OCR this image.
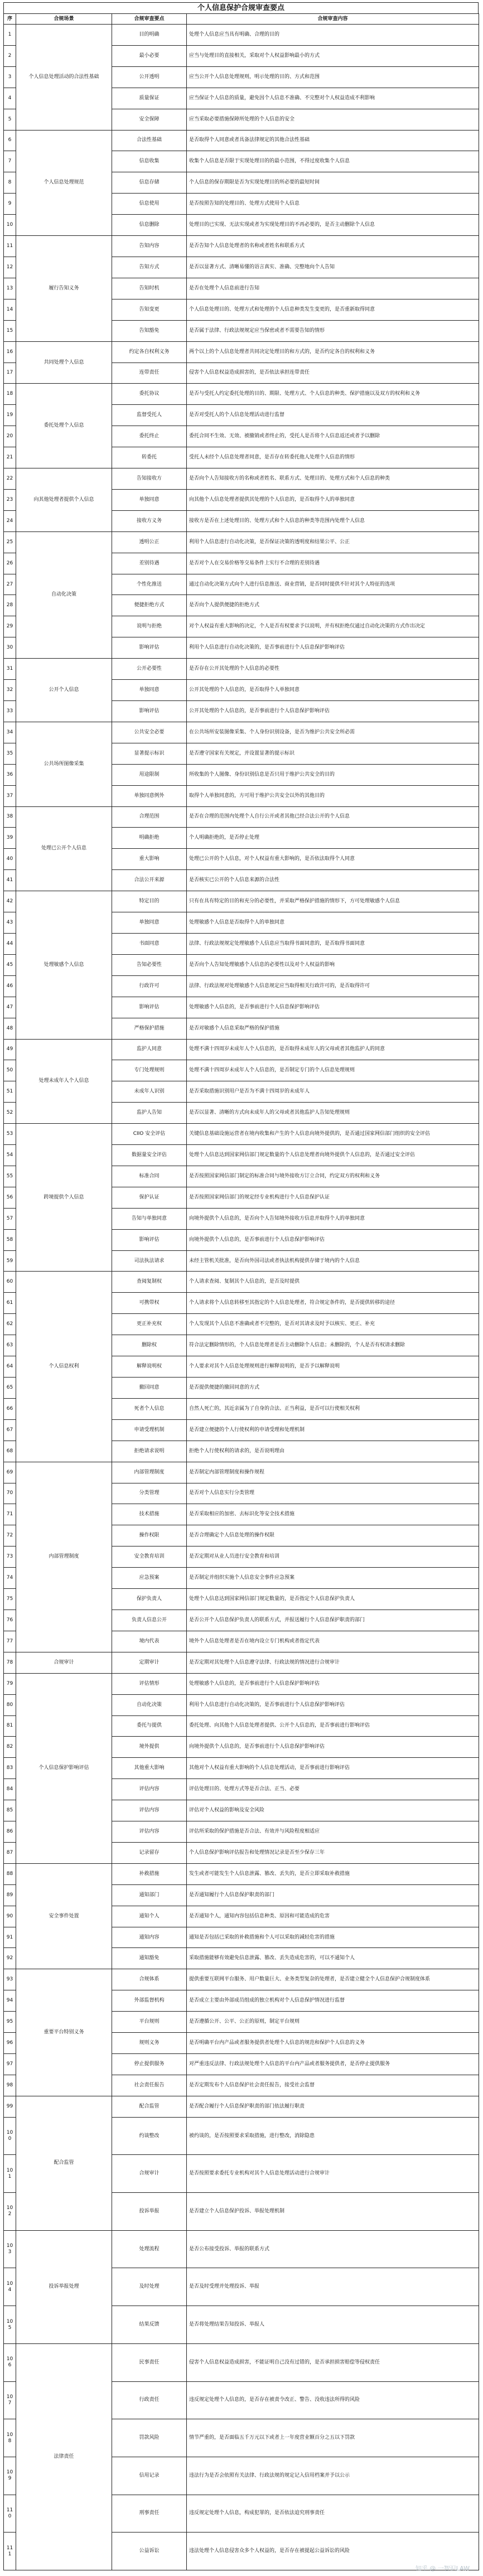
个人信息保护合规审查要点
序	合规场景	合规审查要点	合规审查内容
1	个人信息处理活动的合法性基础	目的明确	处理个人信息应当具有明确、合理的目的
2		最小必要	应当与处理目的直接相关，采取对个人权益影响最小的方式
3		公开透明	应当公开个人信息处理规则，明示处理的目的、方式和范围
4		质量保证	应当保证个人信息的质量，避免因个人信息不准确、不完整对个人权益造成不利影响
5		安全保障	应当采取必要措施保障所处理的个人信息的安全
6	个人信息处理规范	合法性基础	是否取得个人同意或者具备法律规定的其他合法性基础
7		信息收集	收集个人信息是否限于实现处理目的的最小范围，不得过度收集个人信息
8		信息存储	个人信息的保存期限是否为实现处理目的所必要的最短时间
9		信息使用	是否按照告知的处理目的、处理方式使用个人信息
10		信息删除	处理目的已实现、无法实现或者为实现处理目的不再必要的，是否主动删除个人信息
11	履行告知义务	告知内容	是否告知个人信息处理者的名称或者姓名和联系方式
12		告知方式	是否以显著方式、清晰易懂的语言真实、准确、完整地向个人告知
13		告知时机	是否在处理个人信息前进行告知
14		告知变更	个人信息处理目的、处理方式和处理的个人信息种类发生变更的，是否重新取得同意
15		告知豁免	是否属于法律、行政法规规定应当保密或者不需要告知的情形
16	共同处理个人信息	约定各自权利义务	两个以上的个人信息处理者共同决定处理目的和方式的，是否约定各自的权利和义务
17		连带责任	侵害个人信息权益造成损害的，是否依法承担连带责任
18	委托处理个人信息	委托协议	是否与受托人约定委托处理的目的、期限、处理方式、个人信息的种类、保护措施以及双方的权利和义务
19		监督受托人	是否对受托人的个人信息处理活动进行监督
20		委托终止	委托合同不生效、无效、被撤销或者终止的，受托人是否将个人信息返还或者予以删除
21		转委托	受托人未经个人信息处理者同意，是否存在转委托他人处理个人信息的情形
22	向其他处理者提供个人信息	告知接收方	是否向个人告知接收方的名称或者姓名、联系方式、处理目的、处理方式和个人信息的种类
23		单独同意	向其他个人信息处理者提供其处理的个人信息的，是否取得个人的单独同意
24		接收方义务	接收方是否在上述处理目的、处理方式和个人信息的种类等范围内处理个人信息
25	自动化决策	透明公正	利用个人信息进行自动化决策，是否保证决策的透明度和结果公平、公正
26		差别待遇	是否对个人在交易价格等交易条件上实行不合理的差别待遇
27		个性化推送	通过自动化决策方式向个人进行信息推送、商业营销，是否同时提供不针对其个人特征的选项
28		便捷拒绝方式	是否向个人提供便捷的拒绝方式
29		说明与拒绝	对个人权益有重大影响的决定，个人是否有权要求予以说明，并有权拒绝仅通过自动化决策的方式作出决定
30		影响评估	利用个人信息进行自动化决策的，是否事前进行个人信息保护影响评估
31	公开个人信息	公开必要性	是否存在公开其处理的个人信息的必要性
32		单独同意	公开其处理的个人信息的，是否取得个人单独同意
33		影响评估	公开其处理的个人信息的，是否事前进行个人信息保护影响评估
34	公共场所图像采集	公共安全必要	在公共场所安装图像采集、个人身份识别设备，是否为维护公共安全所必需
35		显著提示标识	是否遵守国家有关规定，并设置显著的提示标识
36		用途限制	所收集的个人图像、身份识别信息是否只用于维护公共安全的目的
37		单独同意例外	取得个人单独同意的，方可用于维护公共安全以外的其他目的
38	处理已公开个人信息	合理范围	是否在合理的范围内处理个人自行公开或者其他已经合法公开的个人信息
39		明确拒绝	个人明确拒绝的，是否停止处理
40		重大影响	处理已公开的个人信息，对个人权益有重大影响的，是否依法取得个人同意
41		合法公开来源	是否核实已公开的个人信息来源的合法性
42	处理敏感个人信息	特定目的	只有在具有特定的目的和充分的必要性，并采取严格保护措施的情形下，方可处理敏感个人信息
43		单独同意	处理敏感个人信息是否取得个人的单独同意
44		书面同意	法律、行政法规规定处理敏感个人信息应当取得书面同意的，是否取得书面同意
45		告知必要性	是否向个人告知处理敏感个人信息的必要性以及对个人权益的影响
46		行政许可	法律、行政法规对处理敏感个人信息规定应当取得相关行政许可的，是否取得许可
47		影响评估	处理敏感个人信息的，是否事前进行个人信息保护影响评估
48		严格保护措施	是否对敏感个人信息采取严格的保护措施
49	处理未成年人个人信息	监护人同意	处理不满十四周岁未成年人个人信息的，是否取得未成年人的父母或者其他监护人的同意
50		专门处理规则	处理不满十四周岁未成年人个人信息的，是否制定专门的个人信息处理规则
51		未成年人识别	是否采取措施识别用户是否为不满十四周岁的未成年人
52		监护人告知	是否以显著、清晰的方式向未成年人的父母或者其他监护人告知处理规则
53	跨境提供个人信息	CIIO 安全评估	关键信息基础设施运营者在境内收集和产生的个人信息向境外提供的，是否通过国家网信部门组织的安全评估
54		数据量安全评估	处理个人信息达到国家网信部门规定数量的个人信息处理者向境外提供个人信息的，是否通过安全评估
55		标准合同	是否按照国家网信部门制定的标准合同与境外接收方订立合同，约定双方的权利和义务
56		保护认证	是否按照国家网信部门的规定经专业机构进行个人信息保护认证
57		告知与单独同意	向境外提供个人信息的，是否向个人告知境外接收方信息并取得个人的单独同意
58		影响评估	向境外提供个人信息的，是否事前进行个人信息保护影响评估
59		司法执法请求	未经主管机关批准，是否向外国司法或者执法机构提供存储于境内的个人信息
60	个人信息权利	查阅复制权	个人请求查阅、复制其个人信息的，是否及时提供
61		可携带权	个人请求将个人信息转移至其指定的个人信息处理者，符合规定条件的，是否提供转移的途径
62		更正补充权	个人发现其个人信息不准确或者不完整的，是否对其请求及时予以核实、更正、补充
63		删除权	符合法定删除情形的，个人信息处理者是否主动删除个人信息；未删除的，个人是否有权请求删除
64		解释说明权	个人要求对其个人信息处理规则进行解释说明的，是否予以解释说明
65		撤回同意	是否提供便捷的撤回同意的方式
66		死者个人信息	自然人死亡的，其近亲属为了自身的合法、正当利益，是否可以行使相关权利
67		申请受理机制	是否建立便捷的个人行使权利的申请受理和处理机制
68		拒绝请求说明	拒绝个人行使权利的请求的，是否说明理由
69	内部管理制度	内部管理制度	是否制定内部管理制度和操作规程
70		分类管理	是否对个人信息实行分类管理
71		技术措施	是否采取相应的加密、去标识化等安全技术措施
72		操作权限	是否合理确定个人信息处理的操作权限
73		安全教育培训	是否定期对从业人员进行安全教育和培训
74		应急预案	是否制定并组织实施个人信息安全事件应急预案
75		保护负责人	处理个人信息达到国家网信部门规定数量的，是否指定个人信息保护负责人
76		负责人信息公开	是否公开个人信息保护负责人的联系方式，并报送履行个人信息保护职责的部门
77		境内代表	境外个人信息处理者是否在境内设立专门机构或者指定代表
78	合规审计	定期审计	是否定期对其处理个人信息遵守法律、行政法规的情况进行合规审计
79	个人信息保护影响评估	评估情形	处理敏感个人信息的，是否事前进行个人信息保护影响评估
80		自动化决策	利用个人信息进行自动化决策的，是否事前进行个人信息保护影响评估
81		委托与提供	委托处理、向其他个人信息处理者提供、公开个人信息的，是否事前进行影响评估
82		境外提供	向境外提供个人信息的，是否事前进行个人信息保护影响评估
83		其他重大影响	其他对个人权益有重大影响的个人信息处理活动，是否事前进行影响评估
84		评估内容	评估处理目的、处理方式等是否合法、正当、必要
85		评估内容	评估对个人权益的影响及安全风险
86		评估内容	评估所采取的保护措施是否合法、有效并与风险程度相适应
87		记录留存	个人信息保护影响评估报告和处理情况记录是否至少保存三年
88	安全事件处置	补救措施	发生或者可能发生个人信息泄露、篡改、丢失的，是否立即采取补救措施
89		通知部门	是否通知履行个人信息保护职责的部门
90		通知个人	是否通知个人，通知内容包括信息种类、原因和可能造成的危害
91		通知内容	通知是否包括已采取的补救措施和个人可以采取的减轻危害的措施
92		通知豁免	采取措施能够有效避免信息泄露、篡改、丢失造成危害的，可以不通知个人
93	重要平台特别义务	合规体系	提供重要互联网平台服务、用户数量巨大、业务类型复杂的处理者，是否建立健全个人信息保护合规制度体系
94		外部监督机构	是否成立主要由外部成员组成的独立机构对个人信息保护情况进行监督
95		平台规则	是否遵循公开、公平、公正的原则，制定平台规则
96		规则义务	是否明确平台内产品或者服务提供者处理个人信息的规范和保护个人信息的义务
97		停止提供服务	对严重违反法律、行政法规处理个人信息的平台内产品或者服务提供者，是否停止提供服务
98		社会责任报告	是否定期发布个人信息保护社会责任报告，接受社会监督
99	配合监管	配合监管	是否配合履行个人信息保护职责的部门依法履行职责
100		约谈整改	被约谈的，是否按照要求采取措施，进行整改，消除隐患
101		合规审计	是否按照要求委托专业机构对其个人信息处理活动进行合规审计
102		投诉举报	是否建立个人信息保护投诉、举报处理机制
103	投诉举报处理	处理流程	是否公布接受投诉、举报的联系方式
104		及时处理	是否及时受理并处理投诉、举报
105		结果反馈	是否将处理结果告知投诉、举报人
106	法律责任	民事责任	侵害个人信息权益造成损害，不能证明自己没有过错的，是否承担损害赔偿等侵权责任
107		行政责任	违反规定处理个人信息的，是否存在被责令改正、警告、没收违法所得的风险
108		罚款风险	情节严重的，是否面临五千万元以下或者上一年度营业额百分之五以下罚款
109		信用记录	违法行为是否会依照有关法律、行政法规的规定记入信用档案并予以公示
110		刑事责任	违反规定处理个人信息，构成犯罪的，是否依法追究刑事责任
111		公益诉讼	违法处理个人信息侵害众多个人权益的，是否存在被提起公益诉讼的风险
知乎 @ 一智识LAW
